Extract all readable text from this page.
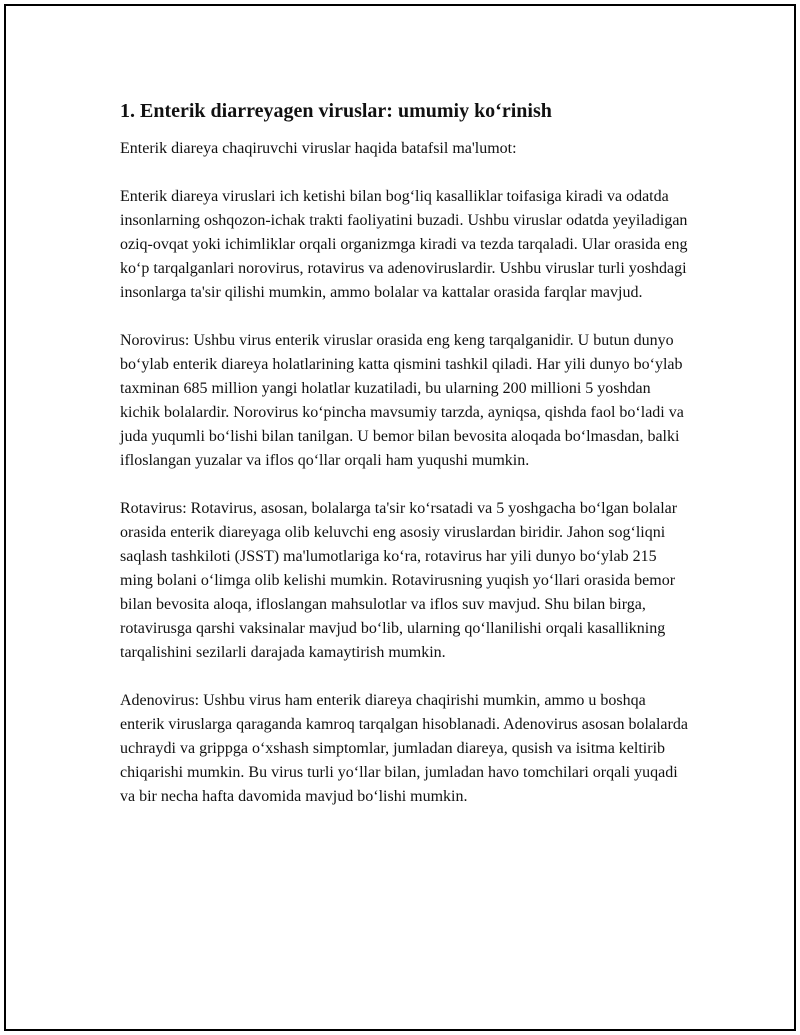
1. Enterik diarreyagen viruslar: umumiy ko‘rinish

Enterik diareya chaqiruvchi viruslar haqida batafsil ma'lumot:

Enterik diareya viruslari ich ketishi bilan bog‘liq kasalliklar toifasiga kiradi va odatda insonlarning oshqozon-ichak trakti faoliyatini buzadi. Ushbu viruslar odatda yeyiladigan oziq-ovqat yoki ichimliklar orqali organizmga kiradi va tezda tarqaladi. Ular orasida eng ko‘p tarqalganlari norovirus, rotavirus va adenoviruslardir. Ushbu viruslar turli yoshdagi insonlarga ta'sir qilishi mumkin, ammo bolalar va kattalar orasida farqlar mavjud.

Norovirus: Ushbu virus enterik viruslar orasida eng keng tarqalganidir. U butun dunyo bo‘ylab enterik diareya holatlarining katta qismini tashkil qiladi. Har yili dunyo bo‘ylab taxminan 685 million yangi holatlar kuzatiladi, bu ularning 200 millioni 5 yoshdan kichik bolalardir. Norovirus ko‘pincha mavsumiy tarzda, ayniqsa, qishda faol bo‘ladi va juda yuqumli bo‘lishi bilan tanilgan. U bemor bilan bevosita aloqada bo‘lmasdan, balki ifloslangan yuzalar va iflos qo‘llar orqali ham yuqushi mumkin.

Rotavirus: Rotavirus, asosan, bolalarga ta'sir ko‘rsatadi va 5 yoshgacha bo‘lgan bolalar orasida enterik diareyaga olib keluvchi eng asosiy viruslardan biridir. Jahon sog‘liqni saqlash tashkiloti (JSST) ma'lumotlariga ko‘ra, rotavirus har yili dunyo bo‘ylab 215 ming bolani o‘limga olib kelishi mumkin. Rotavirusning yuqish yo‘llari orasida bemor bilan bevosita aloqa, ifloslangan mahsulotlar va iflos suv mavjud. Shu bilan birga, rotavirusga qarshi vaksinalar mavjud bo‘lib, ularning qo‘llanilishi orqali kasallikning tarqalishini sezilarli darajada kamaytirish mumkin.

Adenovirus: Ushbu virus ham enterik diareya chaqirishi mumkin, ammo u boshqa enterik viruslarga qaraganda kamroq tarqalgan hisoblanadi. Adenovirus asosan bolalarda uchraydi va grippga o‘xshash simptomlar, jumladan diareya, qusish va isitma keltirib chiqarishi mumkin. Bu virus turli yo‘llar bilan, jumladan havo tomchilari orqali yuqadi va bir necha hafta davomida mavjud bo‘lishi mumkin.
